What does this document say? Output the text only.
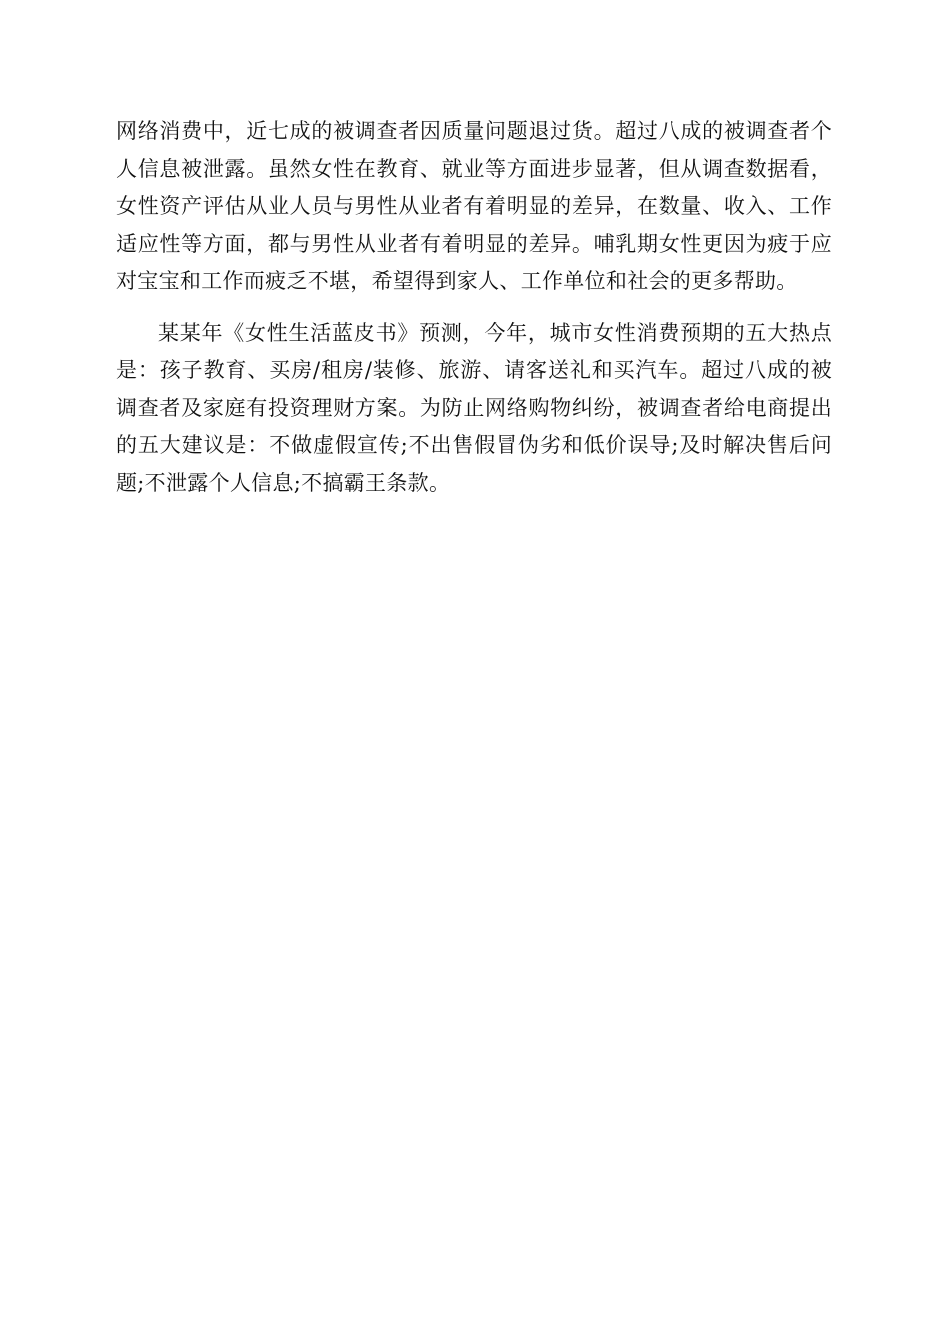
网络消费中，近七成的被调查者因质量问题退过货。超过八成的被调查者个人信息被泄露。虽然女性在教育、就业等方面进步显著，但从调查数据看，女性资产评估从业人员与男性从业者有着明显的差异，在数量、收入、工作适应性等方面，都与男性从业者有着明显的差异。哺乳期女性更因为疲于应对宝宝和工作而疲乏不堪，希望得到家人、工作单位和社会的更多帮助。

某某年《女性生活蓝皮书》预测，今年，城市女性消费预期的五大热点是：孩子教育、买房/租房/装修、旅游、请客送礼和买汽车。超过八成的被调查者及家庭有投资理财方案。为防止网络购物纠纷，被调查者给电商提出的五大建议是：不做虚假宣传;不出售假冒伪劣和低价误导;及时解决售后问题;不泄露个人信息;不搞霸王条款。
